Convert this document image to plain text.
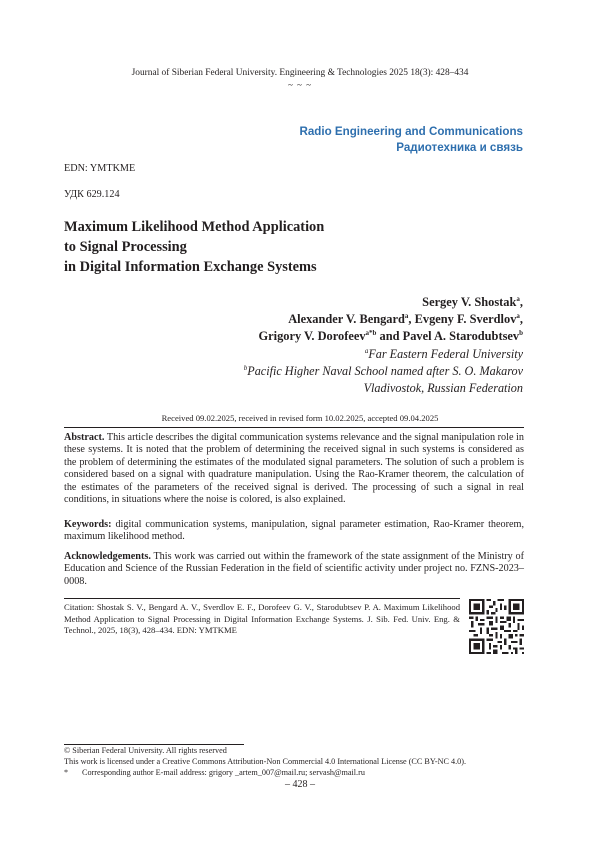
Journal of Siberian Federal University. Engineering & Technologies 2025 18(3): 428–434
~ ~ ~
Radio Engineering and Communications
Радиотехника и связь
EDN: YMTKME
УДК 629.124
Maximum Likelihood Method Application
to Signal Processing
in Digital Information Exchange Systems
Sergey V. Shostak$^a$,
Alexander V. Bengard$^a$, Evgeny F. Sverdlov$^a$,
Grigory V. Dorofeev$^{a*b}$ and Pavel A. Starodubtsev$^b$
$^a$Far Eastern Federal University
$^b$Pacific Higher Naval School named after S. O. Makarov
Vladivostok, Russian Federation
Received 09.02.2025, received in revised form 10.02.2025, accepted 09.04.2025
Abstract. This article describes the digital communication systems relevance and the signal manipulation role in these systems. It is noted that the problem of determining the received signal in such systems is considered as the problem of determining the estimates of the modulated signal parameters. The solution of such a problem is considered based on a signal with quadrature manipulation. Using the Rao-Kramer theorem, the calculation of the estimates of the parameters of the received signal is derived. The processing of such a signal in real conditions, in situations where the noise is colored, is also explained.
Keywords: digital communication systems, manipulation, signal parameter estimation, Rao-Kramer theorem, maximum likelihood method.
Acknowledgements. This work was carried out within the framework of the state assignment of the Ministry of Education and Science of the Russian Federation in the field of scientific activity under project no. FZNS-2023–0008.
Citation: Shostak S. V., Bengard A. V., Sverdlov E. F., Dorofeev G. V., Starodubtsev P. A. Maximum Likelihood Method Application to Signal Processing in Digital Information Exchange Systems. J. Sib. Fed. Univ. Eng. & Technol., 2025, 18(3), 428–434. EDN: YMTKME
© Siberian Federal University. All rights reserved
This work is licensed under a Creative Commons Attribution-Non Commercial 4.0 International License (CC BY-NC 4.0).
* Corresponding author E-mail address: grigory _artem_007@mail.ru; servash@mail.ru
– 428 –
